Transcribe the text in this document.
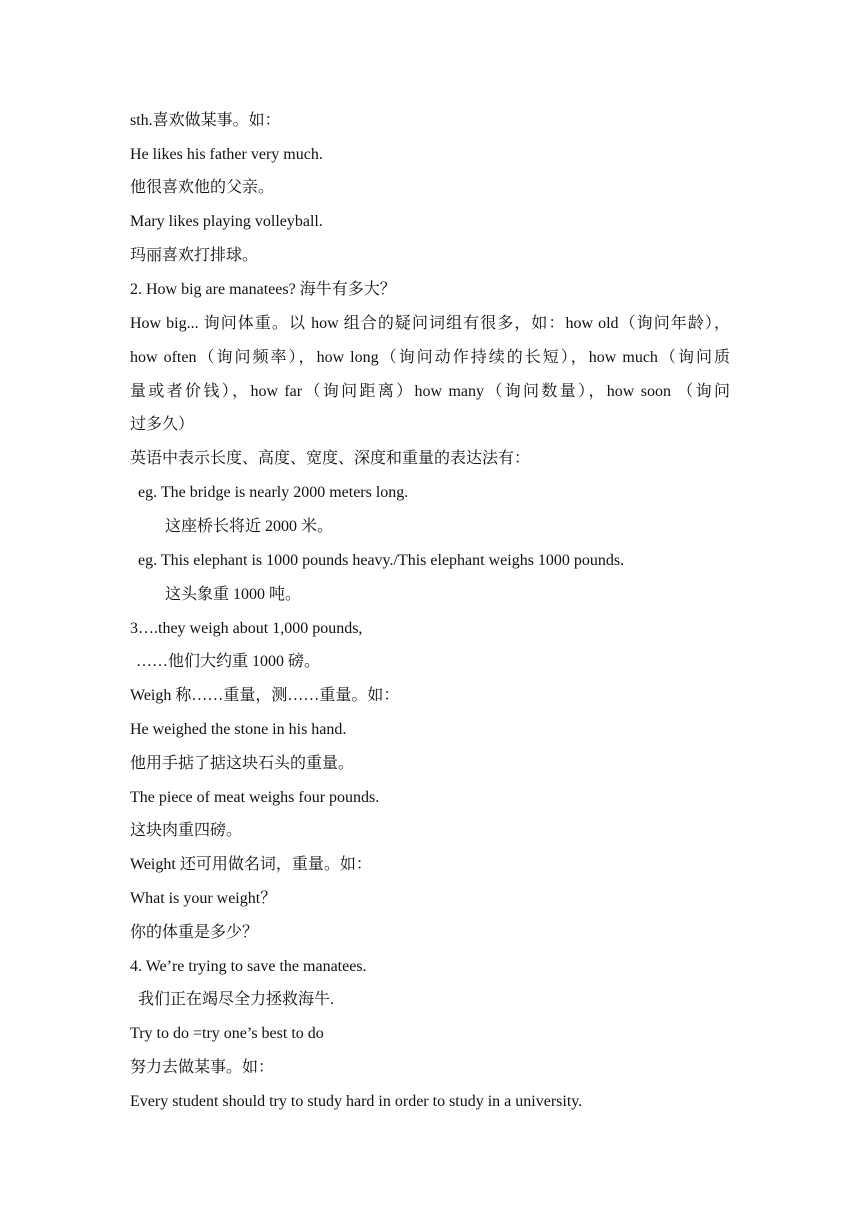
sth.喜欢做某事。如：
He likes his father very much.
他很喜欢他的父亲。
Mary likes playing volleyball.
玛丽喜欢打排球。
2. How big are manatees? 海牛有多大？
How big... 询问体重。以 how 组合的疑问词组有很多，如：how old（询问年龄），
how often（询问频率），how long（询问动作持续的长短），how much（询问质
量或者价钱），how far（询问距离）how many（询问数量），how soon （询问
过多久）
英语中表示长度、高度、宽度、深度和重量的表达法有：
eg. The bridge is nearly 2000 meters long.
这座桥长将近 2000 米。
eg. This elephant is 1000 pounds heavy./This elephant weighs 1000 pounds.
这头象重 1000 吨。
3….they weigh about 1,000 pounds,
……他们大约重 1000 磅。
Weigh 称……重量，测……重量。如：
He weighed the stone in his hand.
他用手掂了掂这块石头的重量。
The piece of meat weighs four pounds.
这块肉重四磅。
Weight 还可用做名词，重量。如：
What is your weight？
你的体重是多少？
4. We’re trying to save the manatees.
我们正在竭尽全力拯救海牛.
Try to do =try one’s best to do
努力去做某事。如：
Every student should try to study hard in order to study in a university.
